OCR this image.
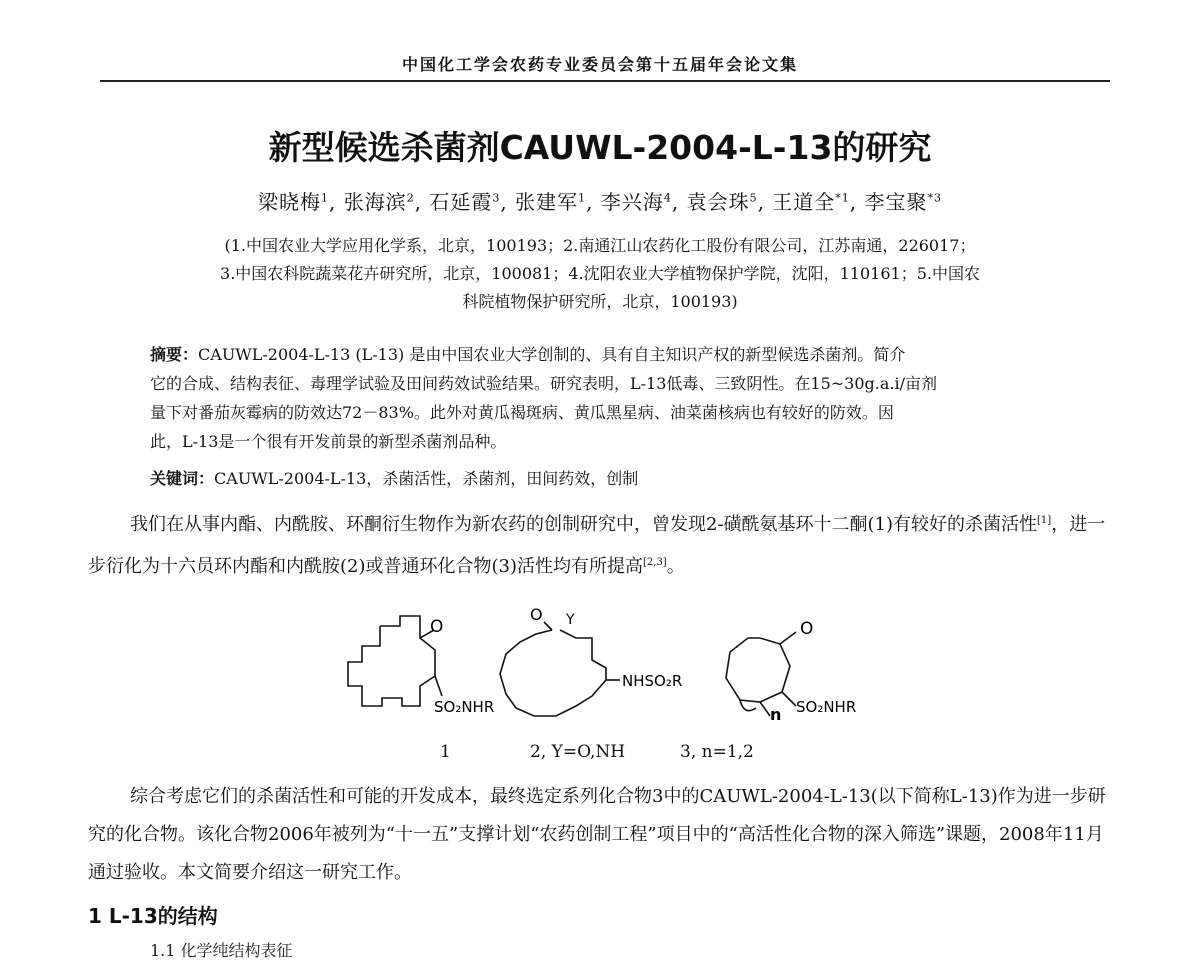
中国化工学会农药专业委员会第十五届年会论文集
新型候选杀菌剂CAUWL-2004-L-13的研究
梁晓梅$^1$, 张海滨$^2$, 石延霞$^3$, 张建军$^1$, 李兴海$^4$, 袁会珠$^5$, 王道全$^{*1}$, 李宝聚$^{*3}$
(1.中国农业大学应用化学系，北京，100193；2.南通江山农药化工股份有限公司，江苏南通，226017；
3.中国农科院蔬菜花卉研究所，北京，100081；4.沈阳农业大学植物保护学院，沈阳，110161；5.中国农
科院植物保护研究所，北京，100193)
摘要：CAUWL-2004-L-13 (L-13) 是由中国农业大学创制的、具有自主知识产权的新型候选杀菌剂。简介
它的合成、结构表征、毒理学试验及田间药效试验结果。研究表明，L-13低毒、三致阴性。在15~30g.a.i/亩剂
量下对番茄灰霉病的防效达72－83%。此外对黄瓜褐斑病、黄瓜黑星病、油菜菌核病也有较好的防效。因
此，L-13是一个很有开发前景的新型杀菌剂品种。
关键词：CAUWL-2004-L-13，杀菌活性，杀菌剂，田间药效，创制
我们在从事内酯、内酰胺、环酮衍生物作为新农药的创制研究中，曾发现2-磺酰氨基环十二酮(1)有较好的杀菌活性[1]，进一步衍化为十六员环内酯和内酰胺(2)或普通环化合物(3)活性均有所提高[2,3]。
O
SO₂NHR
O Y
NHSO₂R
O
SO₂NHR
n
1	2, Y=O,NH	3, n=1,2
综合考虑它们的杀菌活性和可能的开发成本，最终选定系列化合物3中的CAUWL-2004-L-13(以下简称L-13)作为进一步研究的化合物。该化合物2006年被列为“十一五”支撑计划“农药创制工程”项目中的“高活性化合物的深入筛选”课题，2008年11月通过验收。本文简要介绍这一研究工作。
1 L-13的结构
1.1 化学纯结构表征
